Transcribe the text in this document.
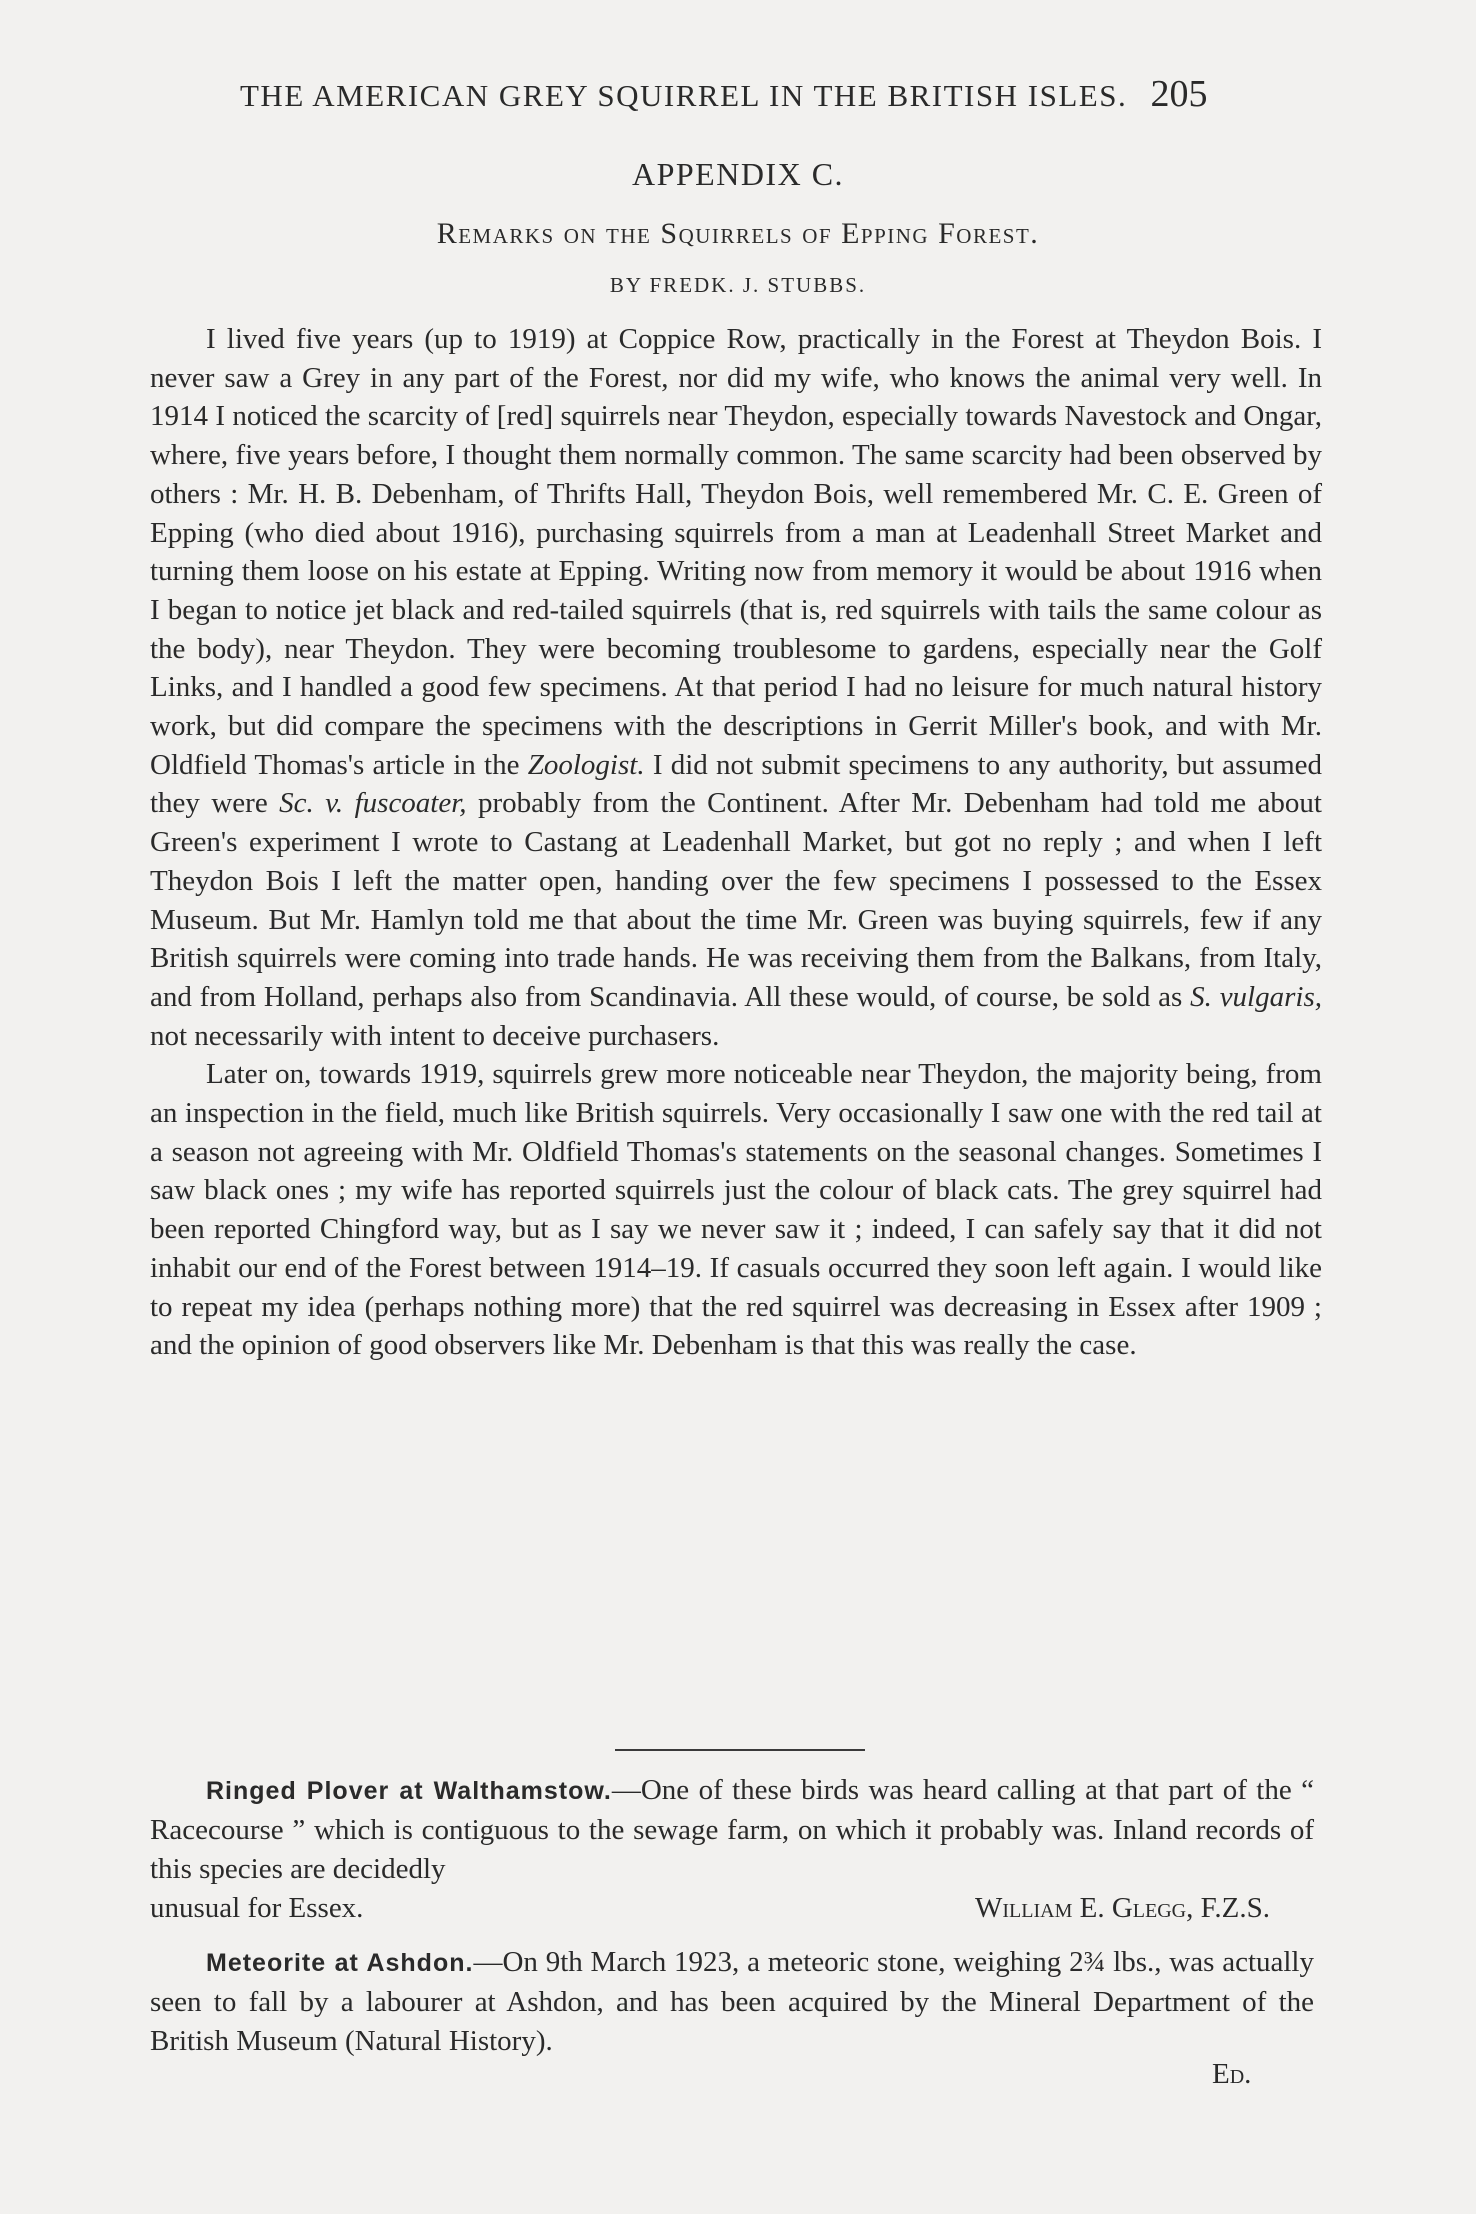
THE AMERICAN GREY SQUIRREL IN THE BRITISH ISLES. 205
APPENDIX C.
Remarks on the Squirrels of Epping Forest.
BY FREDK. J. STUBBS.

I lived five years (up to 1919) at Coppice Row, practically in the Forest at Theydon Bois. I never saw a Grey in any part of the Forest, nor did my wife, who knows the animal very well. In 1914 I noticed the scarcity of [red] squirrels near Theydon, especially towards Navestock and Ongar, where, five years before, I thought them normally common. The same scarcity had been observed by others : Mr. H. B. Debenham, of Thrifts Hall, Theydon Bois, well remembered Mr. C. E. Green of Epping (who died about 1916), purchasing squirrels from a man at Leadenhall Street Market and turning them loose on his estate at Epping. Writing now from memory it would be about 1916 when I began to notice jet black and red-tailed squirrels (that is, red squirrels with tails the same colour as the body), near Theydon. They were becoming troublesome to gardens, especially near the Golf Links, and I handled a good few specimens. At that period I had no leisure for much natural history work, but did compare the specimens with the descriptions in Gerrit Miller's book, and with Mr. Oldfield Thomas's article in the Zoologist. I did not submit specimens to any authority, but assumed they were Sc. v. fuscoater, probably from the Continent. After Mr. Debenham had told me about Green's experiment I wrote to Castang at Leadenhall Market, but got no reply ; and when I left Theydon Bois I left the matter open, handing over the few specimens I possessed to the Essex Museum. But Mr. Hamlyn told me that about the time Mr. Green was buying squirrels, few if any British squirrels were coming into trade hands. He was receiving them from the Balkans, from Italy, and from Holland, perhaps also from Scandinavia. All these would, of course, be sold as S. vulgaris, not necessarily with intent to deceive purchasers.

Later on, towards 1919, squirrels grew more noticeable near Theydon, the majority being, from an inspection in the field, much like British squirrels. Very occasionally I saw one with the red tail at a season not agreeing with Mr. Oldfield Thomas's statements on the seasonal changes. Sometimes I saw black ones ; my wife has reported squirrels just the colour of black cats. The grey squirrel had been reported Chingford way, but as I say we never saw it ; indeed, I can safely say that it did not inhabit our end of the Forest between 1914–19. If casuals occurred they soon left again. I would like to repeat my idea (perhaps nothing more) that the red squirrel was decreasing in Essex after 1909 ; and the opinion of good observers like Mr. Debenham is that this was really the case.

Ringed Plover at Walthamstow.—One of these birds was heard calling at that part of the “ Racecourse ” which is contiguous to the sewage farm, on which it probably was. Inland records of this species are decidedly

unusual for Essex.	William E. Glegg, F.Z.S.

Meteorite at Ashdon.—On 9th March 1923, a meteoric stone, weighing 2¾ lbs., was actually seen to fall by a labourer at Ashdon, and has been acquired by the Mineral Department of the British Museum (Natural History).

Ed.
